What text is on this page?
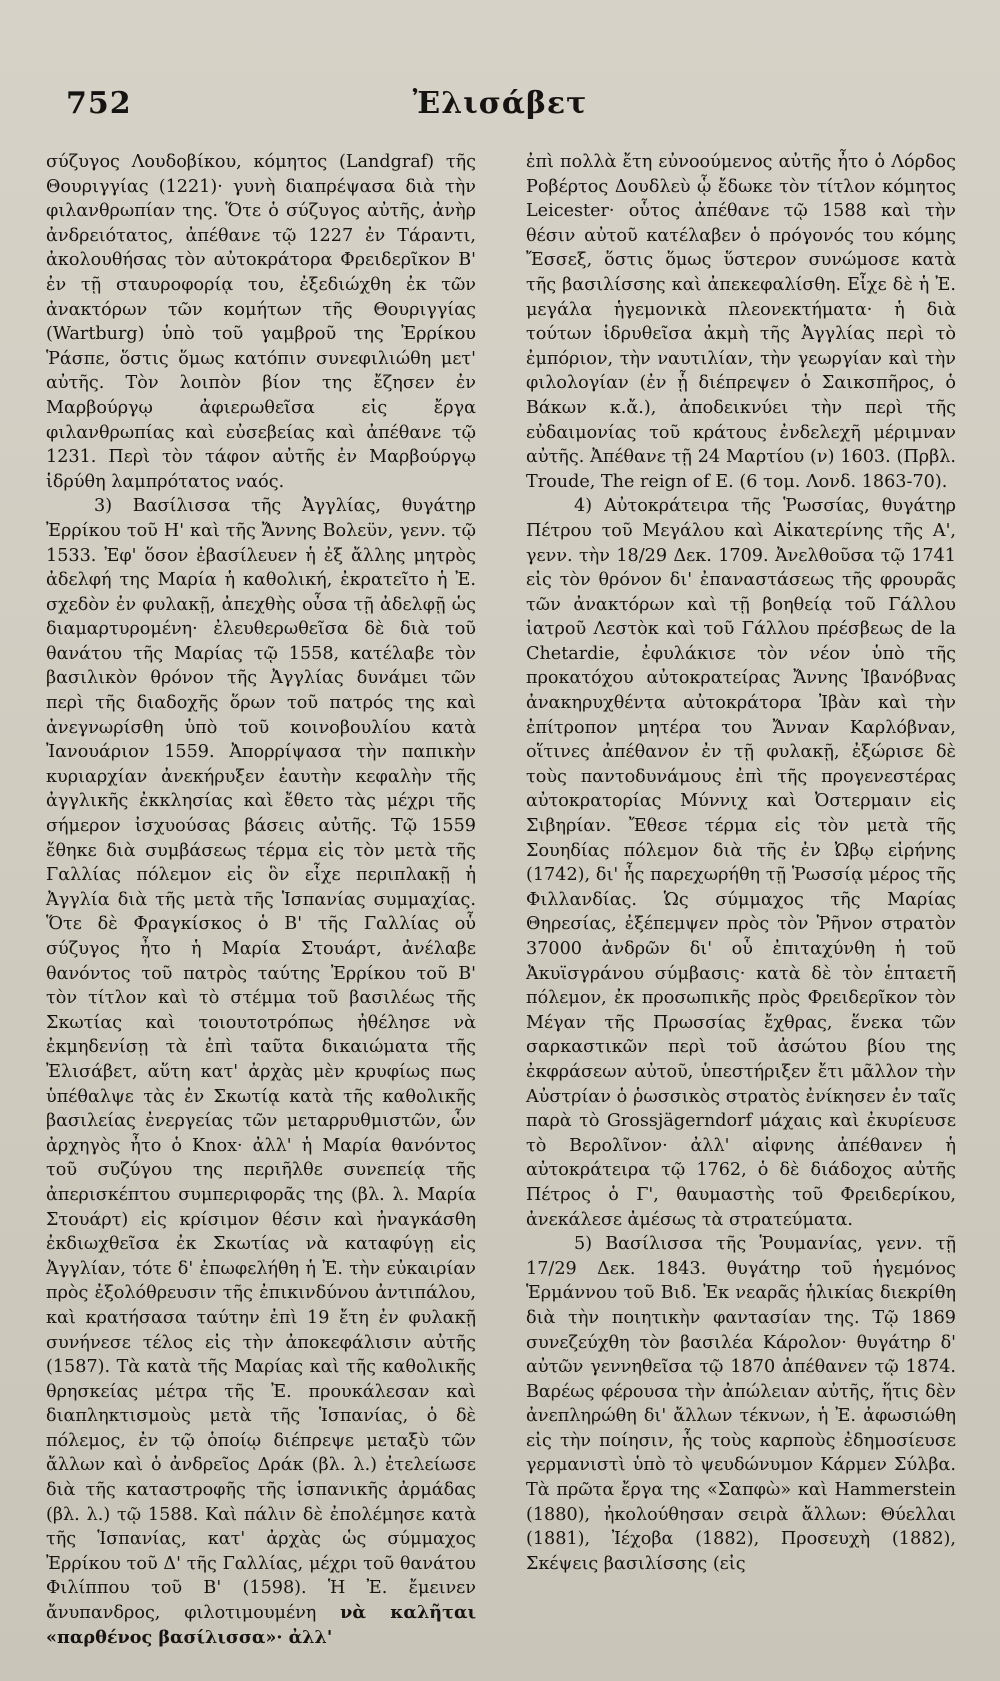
752	Ἐλισάβετ

σύζυγος Λουδοβίκου, κόμητος (Landgraf) τῆς Θουριγγίας (1221)· γυνὴ διαπρέψασα διὰ τὴν φιλανθρωπίαν της. Ὅτε ὁ σύζυγος αὐτῆς, ἀνὴρ ἀνδρειότατος, ἀπέθανε τῷ 1227 ἐν Τάραντι, ἀκολουθήσας τὸν αὐτοκράτορα Φρειδερῖκον Β' ἐν τῇ σταυροφορίᾳ του, ἐξεδιώχθη ἐκ τῶν ἀνακτόρων τῶν κομήτων τῆς Θουριγγίας (Wartburg) ὑπὸ τοῦ γαμβροῦ της Ἐρρίκου Ῥάσπε, ὅστις ὅμως κατόπιν συνεφιλιώθη μετ' αὐτῆς. Τὸν λοιπὸν βίον της ἔζησεν ἐν Μαρβούργῳ ἀφιερωθεῖσα εἰς ἔργα φιλανθρωπίας καὶ εὐσεβείας καὶ ἀπέθανε τῷ 1231. Περὶ τὸν τάφον αὐτῆς ἐν Μαρβούργῳ ἱδρύθη λαμπρότατος ναός.

3) Βασίλισσα τῆς Ἀγγλίας, θυγάτηρ Ἐρρίκου τοῦ Η' καὶ τῆς Ἄννης Βολεϋν, γενν. τῷ 1533. Ἐφ' ὅσον ἐβασίλευεν ἡ ἐξ ἄλλης μητρὸς ἀδελφή της Μαρία ἡ καθολική, ἐκρατεῖτο ἡ Ἐ. σχεδὸν ἐν φυλακῇ, ἀπεχθὴς οὖσα τῇ ἀδελφῇ ὡς διαμαρτυρομένη· ἐλευθερωθεῖσα δὲ διὰ τοῦ θανάτου τῆς Μαρίας τῷ 1558, κατέλαβε τὸν βασιλικὸν θρόνον τῆς Ἀγγλίας δυνάμει τῶν περὶ τῆς διαδοχῆς ὅρων τοῦ πατρός της καὶ ἀνεγνωρίσθη ὑπὸ τοῦ κοινοβουλίου κατὰ Ἰανουάριον 1559. Ἀπορρίψασα τὴν παπικὴν κυριαρχίαν ἀνεκήρυξεν ἑαυτὴν κεφαλὴν τῆς ἀγγλικῆς ἐκκλησίας καὶ ἔθετο τὰς μέχρι τῆς σήμερον ἰσχυούσας βάσεις αὐτῆς. Τῷ 1559 ἔθηκε διὰ συμβάσεως τέρμα εἰς τὸν μετὰ τῆς Γαλλίας πόλεμον εἰς ὃν εἶχε περιπλακῇ ἡ Ἀγγλία διὰ τῆς μετὰ τῆς Ἱσπανίας συμμαχίας. Ὅτε δὲ Φραγκίσκος ὁ Β' τῆς Γαλλίας οὗ σύζυγος ἦτο ἡ Μαρία Στουάρτ, ἀνέλαβε θανόντος τοῦ πατρὸς ταύτης Ἐρρίκου τοῦ Β' τὸν τίτλον καὶ τὸ στέμμα τοῦ βασιλέως τῆς Σκωτίας καὶ τοιουτοτρόπως ἠθέλησε νὰ ἐκμηδενίσῃ τὰ ἐπὶ ταῦτα δικαιώματα τῆς Ἐλισάβετ, αὕτη κατ' ἀρχὰς μὲν κρυφίως πως ὑπέθαλψε τὰς ἐν Σκωτίᾳ κατὰ τῆς καθολικῆς βασιλείας ἐνεργείας τῶν μεταρρυθμιστῶν, ὧν ἀρχηγὸς ἦτο ὁ Knox· ἀλλ' ἡ Μαρία θανόντος τοῦ συζύγου της περιῆλθε συνεπείᾳ τῆς ἀπερισκέπτου συμπεριφορᾶς της (βλ. λ. Μαρία Στουάρτ) εἰς κρίσιμον θέσιν καὶ ἠναγκάσθη ἐκδιωχθεῖσα ἐκ Σκωτίας νὰ καταφύγῃ εἰς Ἀγγλίαν, τότε δ' ἐπωφελήθη ἡ Ἐ. τὴν εὐκαιρίαν πρὸς ἐξολόθρευσιν τῆς ἐπικινδύνου ἀντιπάλου, καὶ κρατήσασα ταύτην ἐπὶ 19 ἔτη ἐν φυλακῇ συνήνεσε τέλος εἰς τὴν ἀποκεφάλισιν αὐτῆς (1587). Τὰ κατὰ τῆς Μαρίας καὶ τῆς καθολικῆς θρησκείας μέτρα τῆς Ἐ. προυκάλεσαν καὶ διαπληκτισμοὺς μετὰ τῆς Ἱσπανίας, ὁ δὲ πόλεμος, ἐν τῷ ὁποίῳ διέπρεψε μεταξὺ τῶν ἄλλων καὶ ὁ ἀνδρεῖος Δράκ (βλ. λ.) ἐτελείωσε διὰ τῆς καταστροφῆς τῆς ἱσπανικῆς ἀρμάδας (βλ. λ.) τῷ 1588. Καὶ πάλιν δὲ ἐπολέμησε κατὰ τῆς Ἱσπανίας, κατ' ἀρχὰς ὡς σύμμαχος Ἐρρίκου τοῦ Δ' τῆς Γαλλίας, μέχρι τοῦ θανάτου Φιλίππου τοῦ Β' (1598). Ἡ Ἐ. ἔμεινεν ἄνυπανδρος, φιλοτιμουμένη νὰ καλῆται «παρθένος βασίλισσα»· ἀλλ'

ἐπὶ πολλὰ ἔτη εὐνοούμενος αὐτῆς ἦτο ὁ Λόρδος Ροβέρτος Δουδλεὺ ᾧ ἔδωκε τὸν τίτλον κόμητος Leicester· οὗτος ἀπέθανε τῷ 1588 καὶ τὴν θέσιν αὐτοῦ κατέλαβεν ὁ πρόγονός του κόμης Ἔσσεξ, ὅστις ὅμως ὕστερον συνώμοσε κατὰ τῆς βασιλίσσης καὶ ἀπεκεφαλίσθη. Εἶχε δὲ ἡ Ἐ. μεγάλα ἡγεμονικὰ πλεονεκτήματα· ἡ διὰ τούτων ἱδρυθεῖσα ἀκμὴ τῆς Ἀγγλίας περὶ τὸ ἐμπόριον, τὴν ναυτιλίαν, τὴν γεωργίαν καὶ τὴν φιλολογίαν (ἐν ᾗ διέπρεψεν ὁ Σαικσπῆρος, ὁ Βάκων κ.ἄ.), ἀποδεικνύει τὴν περὶ τῆς εὐδαιμονίας τοῦ κράτους ἐνδελεχῆ μέριμναν αὐτῆς. Ἀπέθανε τῇ 24 Μαρτίου (ν) 1603. (Πρβλ. Troude, The reign of E. (6 τομ. Λονδ. 1863-70).

4) Αὐτοκράτειρα τῆς Ῥωσσίας, θυγάτηρ Πέτρου τοῦ Μεγάλου καὶ Αἰκατερίνης τῆς Α', γενν. τὴν 18/29 Δεκ. 1709. Ἀνελθοῦσα τῷ 1741 εἰς τὸν θρόνον δι' ἐπαναστάσεως τῆς φρουρᾶς τῶν ἀνακτόρων καὶ τῇ βοηθείᾳ τοῦ Γάλλου ἰατροῦ Λεστὸκ καὶ τοῦ Γάλλου πρέσβεως de la Chetardie, ἐφυλάκισε τὸν νέον ὑπὸ τῆς προκατόχου αὐτοκρατείρας Ἄννης Ἰβανόβνας ἀνακηρυχθέντα αὐτοκράτορα Ἰβὰν καὶ τὴν ἐπίτροπον μητέρα του Ἄνναν Καρλόβναν, οἵτινες ἀπέθανον ἐν τῇ φυλακῇ, ἐξώρισε δὲ τοὺς παντοδυνάμους ἐπὶ τῆς προγενεστέρας αὐτοκρατορίας Μύννιχ καὶ Ὀστερμαιν εἰς Σιβηρίαν. Ἔθεσε τέρμα εἰς τὸν μετὰ τῆς Σουηδίας πόλεμον διὰ τῆς ἐν Ὠβῳ εἰρήνης (1742), δι' ἧς παρεχωρήθη τῇ Ῥωσσίᾳ μέρος τῆς Φιλλανδίας. Ὡς σύμμαχος τῆς Μαρίας Θηρεσίας, ἐξέπεμψεν πρὸς τὸν Ῥῆνον στρατὸν 37000 ἀνδρῶν δι' οὗ ἐπιταχύνθη ἡ τοῦ Ἀκυϊσγράνου σύμβασις· κατὰ δὲ τὸν ἑπταετῆ πόλεμον, ἐκ προσωπικῆς πρὸς Φρειδερῖκον τὸν Μέγαν τῆς Πρωσσίας ἔχθρας, ἕνεκα τῶν σαρκαστικῶν περὶ τοῦ ἀσώτου βίου της ἐκφράσεων αὐτοῦ, ὑπεστήριξεν ἔτι μᾶλλον τὴν Αὐστρίαν ὁ ῥωσσικὸς στρατὸς ἐνίκησεν ἐν ταῖς παρὰ τὸ Grossjägerndorf μάχαις καὶ ἐκυρίευσε τὸ Βερολῖνον· ἀλλ' αἰφνης ἀπέθανεν ἡ αὐτοκράτειρα τῷ 1762, ὁ δὲ διάδοχος αὐτῆς Πέτρος ὁ Γ', θαυμαστὴς τοῦ Φρειδερίκου, ἀνεκάλεσε ἀμέσως τὰ στρατεύματα.

5) Βασίλισσα τῆς Ῥουμανίας, γενν. τῇ 17/29 Δεκ. 1843. θυγάτηρ τοῦ ἡγεμόνος Ἑρμάννου τοῦ Βιδ. Ἐκ νεαρᾶς ἡλικίας διεκρίθη διὰ τὴν ποιητικὴν φαντασίαν της. Τῷ 1869 συνεζεύχθη τὸν βασιλέα Κάρολον· θυγάτηρ δ' αὐτῶν γεννηθεῖσα τῷ 1870 ἀπέθανεν τῷ 1874. Βαρέως φέρουσα τὴν ἀπώλειαν αὐτῆς, ἥτις δὲν ἀνεπληρώθη δι' ἄλλων τέκνων, ἡ Ἐ. ἀφωσιώθη εἰς τὴν ποίησιν, ἧς τοὺς καρποὺς ἐδημοσίευσε γερμανιστὶ ὑπὸ τὸ ψευδώνυμον Κάρμεν Σύλβα. Τὰ πρῶτα ἔργα της «Σαπφὼ» καὶ Hammerstein (1880), ἠκολούθησαν σειρὰ ἄλλων: Θύελλαι (1881), Ἰέχοβα (1882), Προσευχὴ (1882), Σκέψεις βασιλίσσης (εἰς
